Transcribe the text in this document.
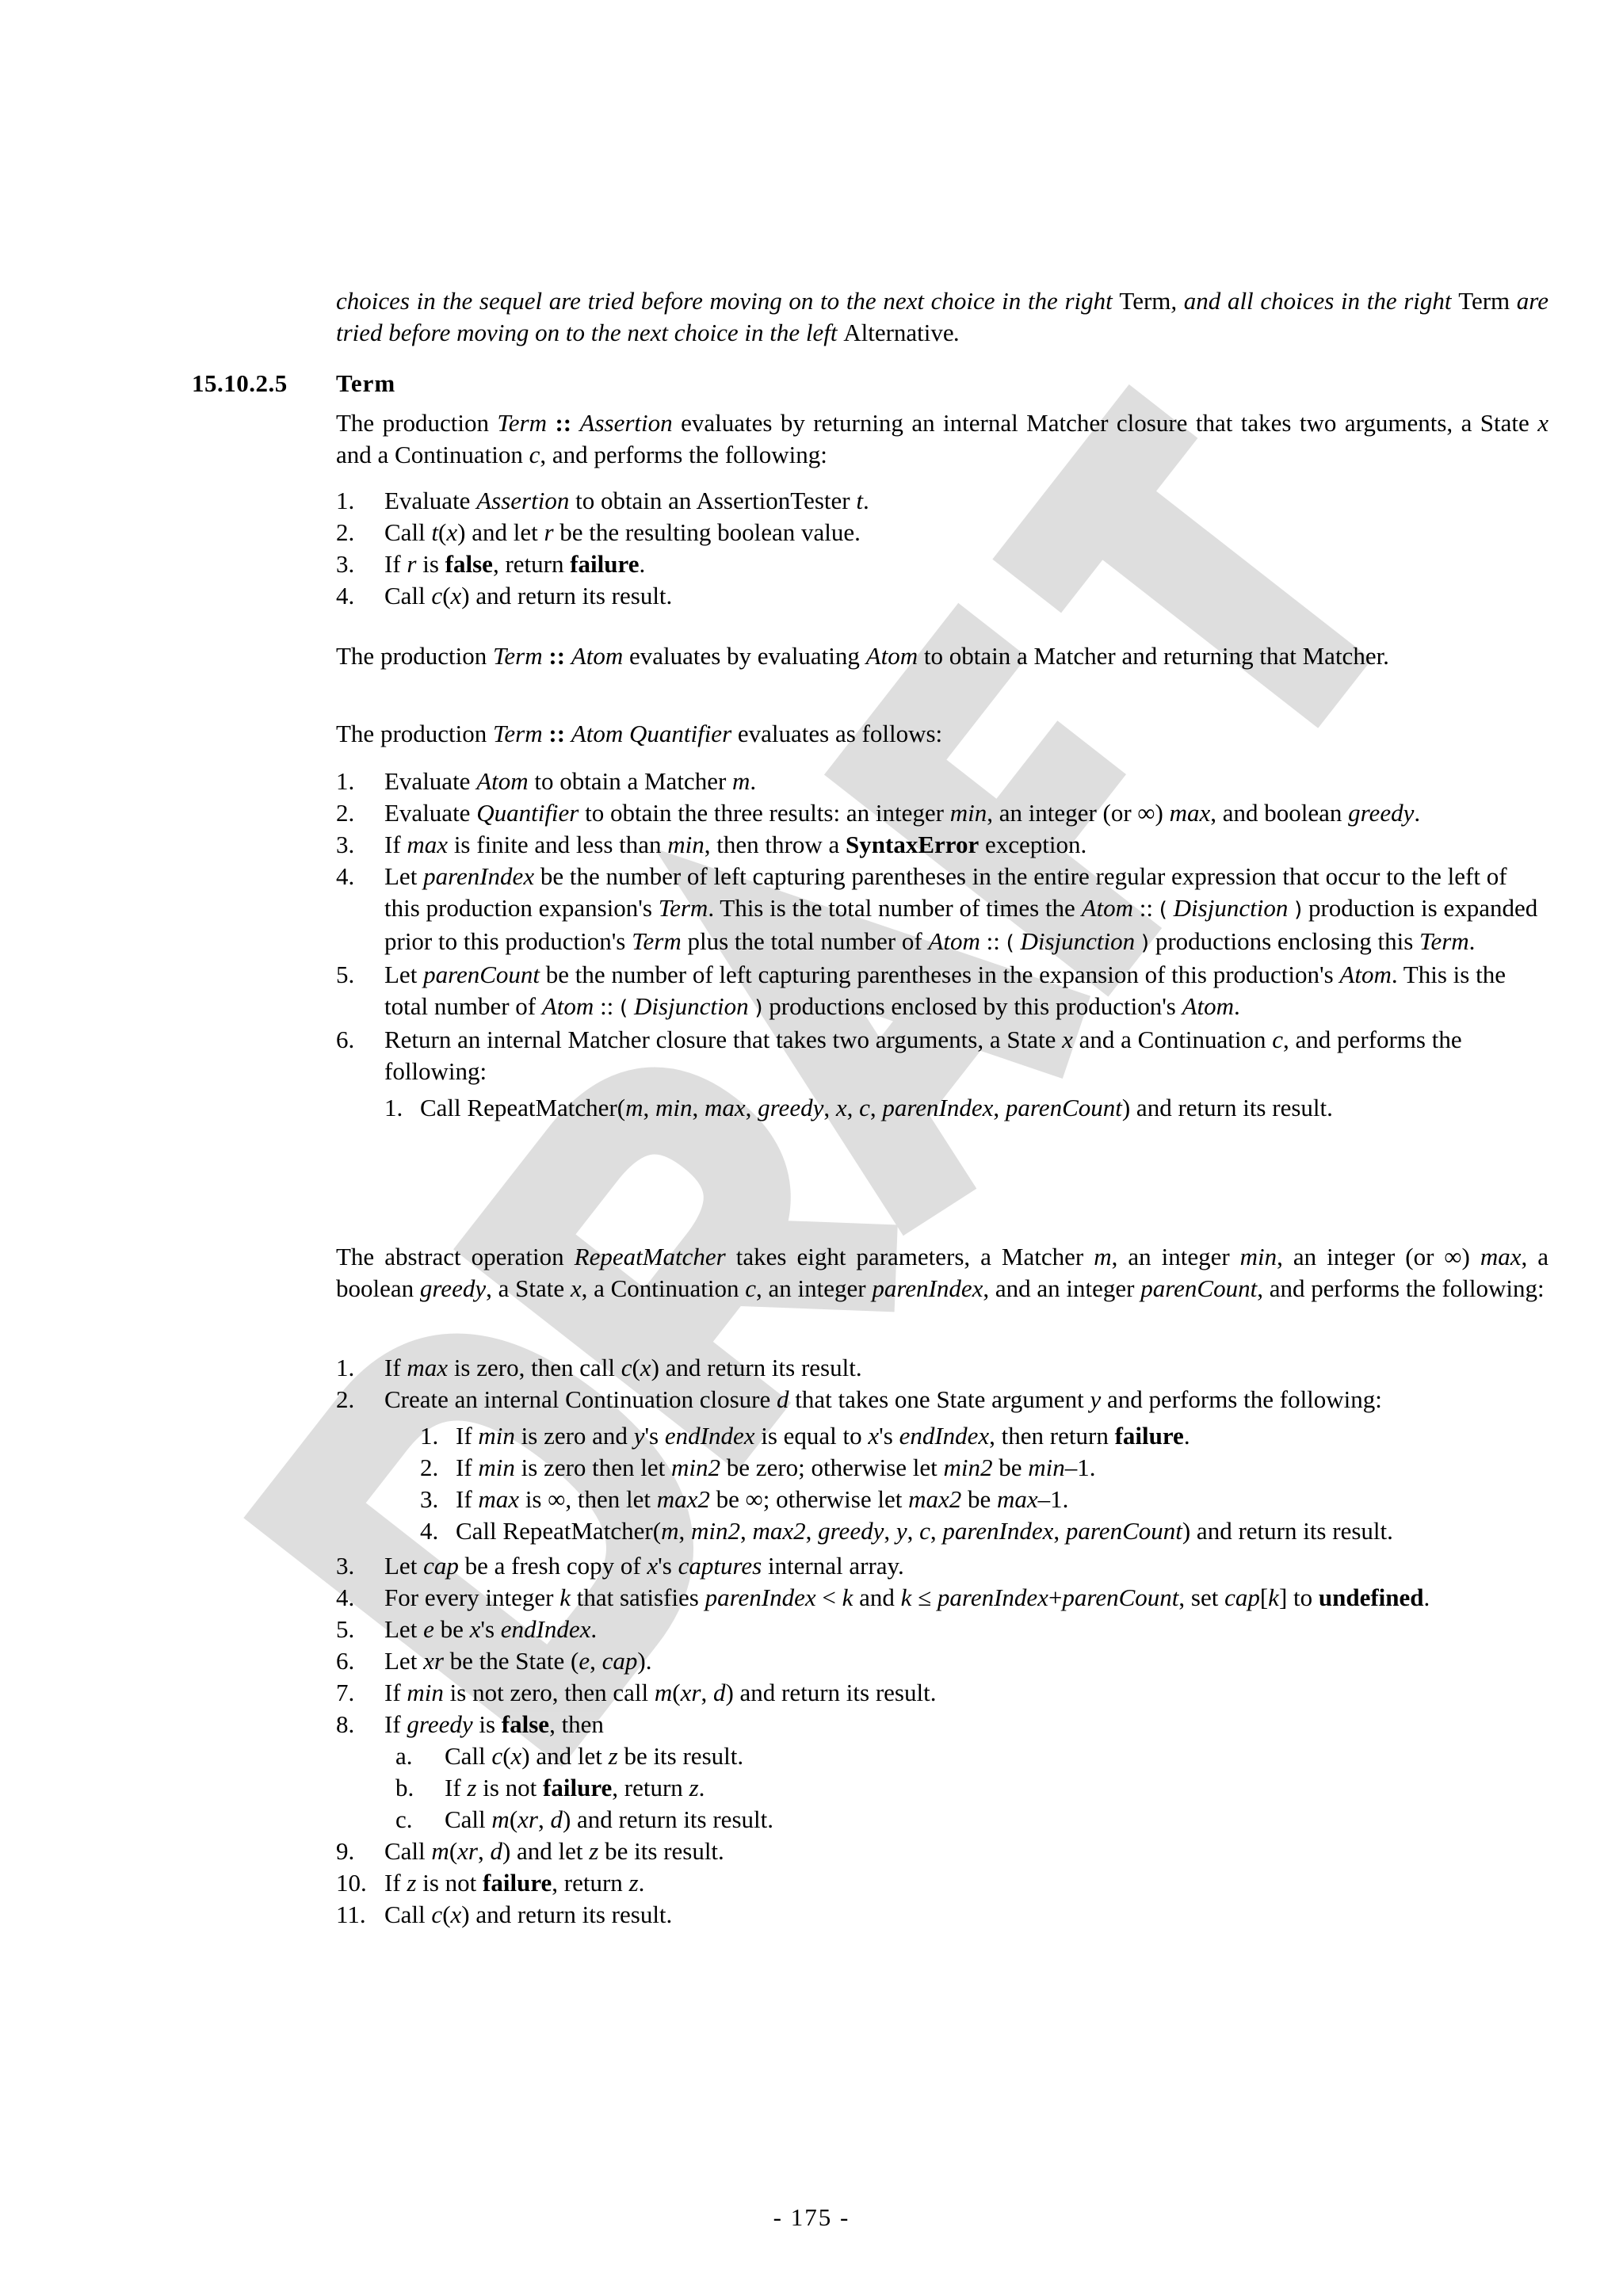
choices in the sequel are tried before moving on to the next choice in the right Term, and all choices in the right Term are tried before moving on to the next choice in the left Alternative.
15.10.2.5 Term
The production Term :: Assertion evaluates by returning an internal Matcher closure that takes two arguments, a State x and a Continuation c, and performs the following:
1. Evaluate Assertion to obtain an AssertionTester t.
2. Call t(x) and let r be the resulting boolean value.
3. If r is false, return failure.
4. Call c(x) and return its result.
The production Term :: Atom evaluates by evaluating Atom to obtain a Matcher and returning that Matcher.
The production Term :: Atom Quantifier evaluates as follows:
1. Evaluate Atom to obtain a Matcher m.
2. Evaluate Quantifier to obtain the three results: an integer min, an integer (or ∞) max, and boolean greedy.
3. If max is finite and less than min, then throw a SyntaxError exception.
4. Let parenIndex be the number of left capturing parentheses in the entire regular expression that occur to the left of this production expansion's Term. This is the total number of times the Atom :: ( Disjunction ) production is expanded prior to this production's Term plus the total number of Atom :: ( Disjunction ) productions enclosing this Term.
5. Let parenCount be the number of left capturing parentheses in the expansion of this production's Atom. This is the total number of Atom :: ( Disjunction ) productions enclosed by this production's Atom.
6. Return an internal Matcher closure that takes two arguments, a State x and a Continuation c, and performs the following:
1. Call RepeatMatcher(m, min, max, greedy, x, c, parenIndex, parenCount) and return its result.
The abstract operation RepeatMatcher takes eight parameters, a Matcher m, an integer min, an integer (or ∞) max, a boolean greedy, a State x, a Continuation c, an integer parenIndex, and an integer parenCount, and performs the following:
1. If max is zero, then call c(x) and return its result.
2. Create an internal Continuation closure d that takes one State argument y and performs the following:
1. If min is zero and y's endIndex is equal to x's endIndex, then return failure.
2. If min is zero then let min2 be zero; otherwise let min2 be min–1.
3. If max is ∞, then let max2 be ∞; otherwise let max2 be max–1.
4. Call RepeatMatcher(m, min2, max2, greedy, y, c, parenIndex, parenCount) and return its result.
3. Let cap be a fresh copy of x's captures internal array.
4. For every integer k that satisfies parenIndex < k and k ≤ parenIndex+parenCount, set cap[k] to undefined.
5. Let e be x's endIndex.
6. Let xr be the State (e, cap).
7. If min is not zero, then call m(xr, d) and return its result.
8. If greedy is false, then
a. Call c(x) and let z be its result.
b. If z is not failure, return z.
c. Call m(xr, d) and return its result.
9. Call m(xr, d) and let z be its result.
10. If z is not failure, return z.
11. Call c(x) and return its result.
- 175 -
